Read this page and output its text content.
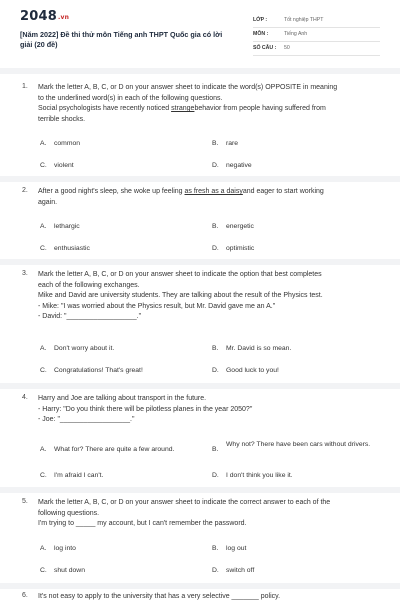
2048.vn
[Năm 2022] Đề thi thử môn Tiếng anh THPT Quốc gia có lời giải (20 đề)
LỚP :	Tốt nghiệp THPT
MÔN :	Tiếng Anh
SỐ CÂU : 50
1. Mark the letter A, B, C, or D on your answer sheet to indicate the word(s) OPPOSITE in meaning
to the underlined word(s) in each of the following questions.
Social psychologists have recently noticed strangebehavior from people having suffered from
terrible shocks.
A. common	B. rare
C. violent	D. negative
2. After a good night's sleep, she woke up feeling as fresh as a daisyand eager to start working
again.
A. lethargic	B. energetic
C. enthusiastic	D. optimistic
3. Mark the letter A, B, C, or D on your answer sheet to indicate the option that best completes
each of the following exchanges.
Mike and David are university students. They are talking about the result of the Physics test.
- Mike: "I was worried about the Physics result, but Mr. David gave me an A."
- David: "__________________."
A. Don't worry about it.	B. Mr. David is so mean.
C. Congratulations! That's great!	D. Good luck to you!
4. Harry and Joe are talking about transport in the future.
- Harry: "Do you think there will be pilotless planes in the year 2050?"
- Joe: "__________________."
A. What for? There are quite a few around.	B.
Why not? There have been cars without drivers.
C. I'm afraid I can't.	D. I don't think you like it.
5. Mark the letter A, B, C, or D on your answer sheet to indicate the correct answer to each of the
following questions.
I'm trying to _____ my account, but I can't remember the password.
A. log into	B. log out
C. shut down	D. switch off
6. It's not easy to apply to the university that has a very selective _______ policy.
